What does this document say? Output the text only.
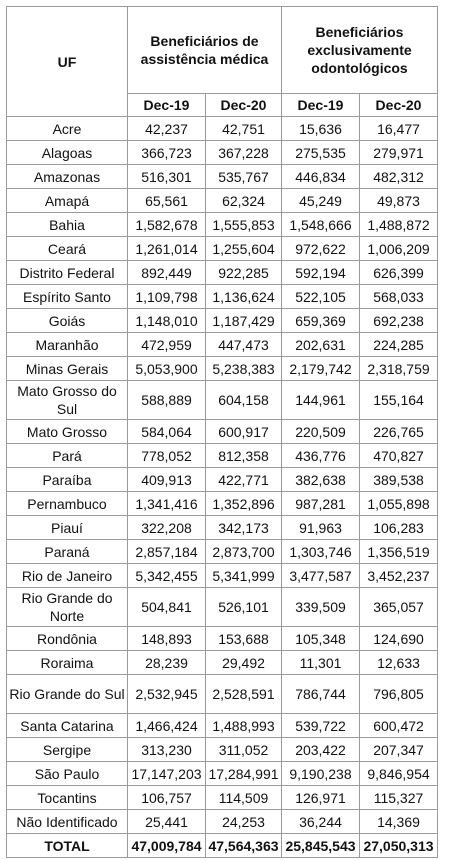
UF	Beneficiários de assistência médica		Beneficiários exclusivamente odontológicos	
	Dec-19	Dec-20	Dec-19	Dec-20
Acre	42,237	42,751	15,636	16,477
Alagoas	366,723	367,228	275,535	279,971
Amazonas	516,301	535,767	446,834	482,312
Amapá	65,561	62,324	45,249	49,873
Bahia	1,582,678	1,555,853	1,548,666	1,488,872
Ceará	1,261,014	1,255,604	972,622	1,006,209
Distrito Federal	892,449	922,285	592,194	626,399
Espírito Santo	1,109,798	1,136,624	522,105	568,033
Goiás	1,148,010	1,187,429	659,369	692,238
Maranhão	472,959	447,473	202,631	224,285
Minas Gerais	5,053,900	5,238,383	2,179,742	2,318,759
Mato Grosso do Sul	588,889	604,158	144,961	155,164
Mato Grosso	584,064	600,917	220,509	226,765
Pará	778,052	812,358	436,776	470,827
Paraíba	409,913	422,771	382,638	389,538
Pernambuco	1,341,416	1,352,896	987,281	1,055,898
Piauí	322,208	342,173	91,963	106,283
Paraná	2,857,184	2,873,700	1,303,746	1,356,519
Rio de Janeiro	5,342,455	5,341,999	3,477,587	3,452,237
Rio Grande do Norte	504,841	526,101	339,509	365,057
Rondônia	148,893	153,688	105,348	124,690
Roraima	28,239	29,492	11,301	12,633
Rio Grande do Sul	2,532,945	2,528,591	786,744	796,805
Santa Catarina	1,466,424	1,488,993	539,722	600,472
Sergipe	313,230	311,052	203,422	207,347
São Paulo	17,147,203	17,284,991	9,190,238	9,846,954
Tocantins	106,757	114,509	126,971	115,327
Não Identificado	25,441	24,253	36,244	14,369
TOTAL	47,009,784	47,564,363	25,845,543	27,050,313
